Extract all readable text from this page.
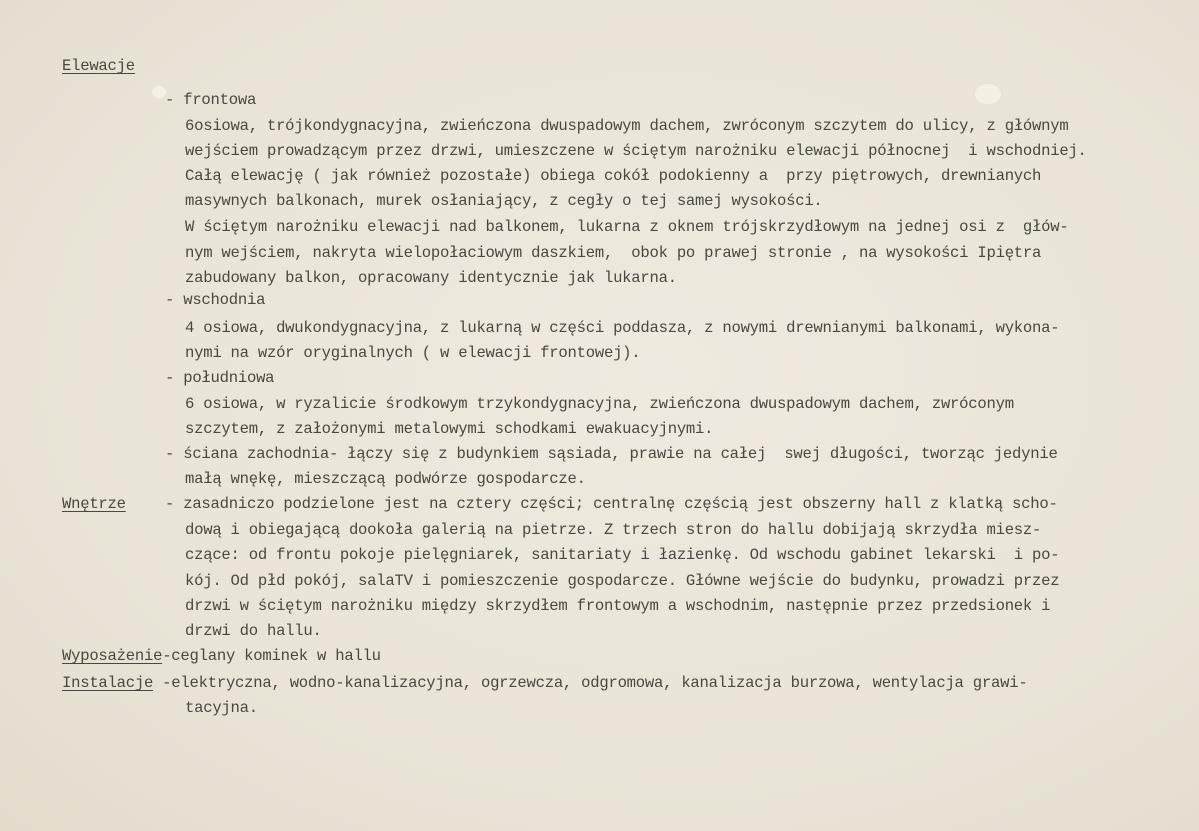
Elewacje
- frontowa
6osiowa, trójkondygnacyjna, zwieńczona dwuspadowym dachem, zwróconym szczytem do ulicy, z głównym
wejściem prowadzącym przez drzwi, umieszczene w ściętym narożniku elewacji północnej  i wschodniej.
Całą elewację ( jak również pozostałe) obiega cokół podokienny a  przy piętrowych, drewnianych
masywnych balkonach, murek osłaniający, z cegły o tej samej wysokości.
W ściętym narożniku elewacji nad balkonem, lukarna z oknem trójskrzydłowym na jednej osi z  głów-
nym wejściem, nakryta wielopołaciowym daszkiem,  obok po prawej stronie , na wysokości Ipiętra
zabudowany balkon, opracowany identycznie jak lukarna.
- wschodnia
4 osiowa, dwukondygnacyjna, z lukarną w części poddasza, z nowymi drewnianymi balkonami, wykona-
nymi na wzór oryginalnych ( w elewacji frontowej).
- południowa
6 osiowa, w ryzalicie środkowym trzykondygnacyjna, zwieńczona dwuspadowym dachem, zwróconym
szczytem, z założonymi metalowymi schodkami ewakuacyjnymi.
- ściana zachodnia- łączy się z budynkiem sąsiada, prawie na całej  swej długości, tworząc jedynie
małą wnękę, mieszczącą podwórze gospodarcze.
Wnętrze	- zasadniczo podzielone jest na cztery części; centralnę częścią jest obszerny hall z klatką scho-
dową i obiegającą dookoła galerią na pietrze. Z trzech stron do hallu dobijają skrzydła miesz-
czące: od frontu pokoje pielęgniarek, sanitariaty i łazienkę. Od wschodu gabinet lekarski  i po-
kój. Od płd pokój, salaTV i pomieszczenie gospodarcze. Główne wejście do budynku, prowadzi przez
drzwi w ściętym narożniku między skrzydłem frontowym a wschodnim, następnie przez przedsionek i
drzwi do hallu.
Wyposażenie-ceglany kominek w hallu
Instalacje -elektryczna, wodno-kanalizacyjna, ogrzewcza, odgromowa, kanalizacja burzowa, wentylacja grawi-
tacyjna.
